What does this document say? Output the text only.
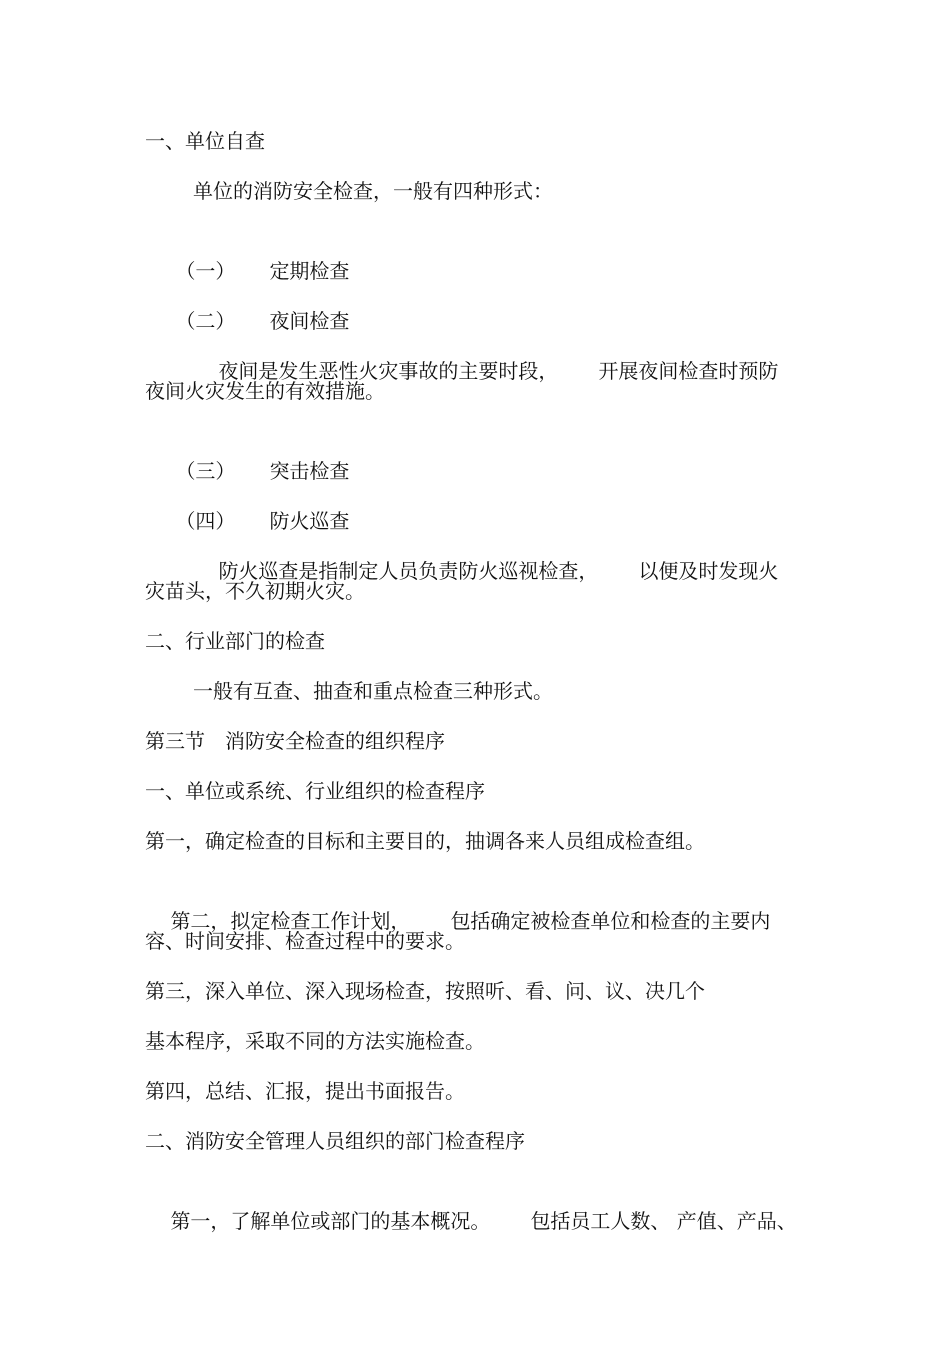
一、单位自查
单位的消防安全检查，一般有四种形式：

（一） 定期检查

（二） 夜间检查

夜间是发生恶性火灾事故的主要时段， 开展夜间检查时预防

夜间火灾发生的有效措施。

（三） 突击检查

（四） 防火巡查

防火巡查是指制定人员负责防火巡视检查， 以便及时发现火

灾苗头，不久初期火灾。
二、行业部门的检查
一般有互查、抽查和重点检查三种形式。
第三节　消防安全检查的组织程序
一、单位或系统、行业组织的检查程序
第一，确定检查的目标和主要目的，抽调各来人员组成检查组。

第二，拟定检查工作计划， 包括确定被检查单位和检查的主要内

容、时间安排、检查过程中的要求。
第三，深入单位、深入现场检查，按照听、看、问、议、决几个
基本程序，采取不同的方法实施检查。
第四，总结、汇报，提出书面报告。
二、消防安全管理人员组织的部门检查程序

第一，了解单位或部门的基本概况。 包括员工人数、 产值、产品、
